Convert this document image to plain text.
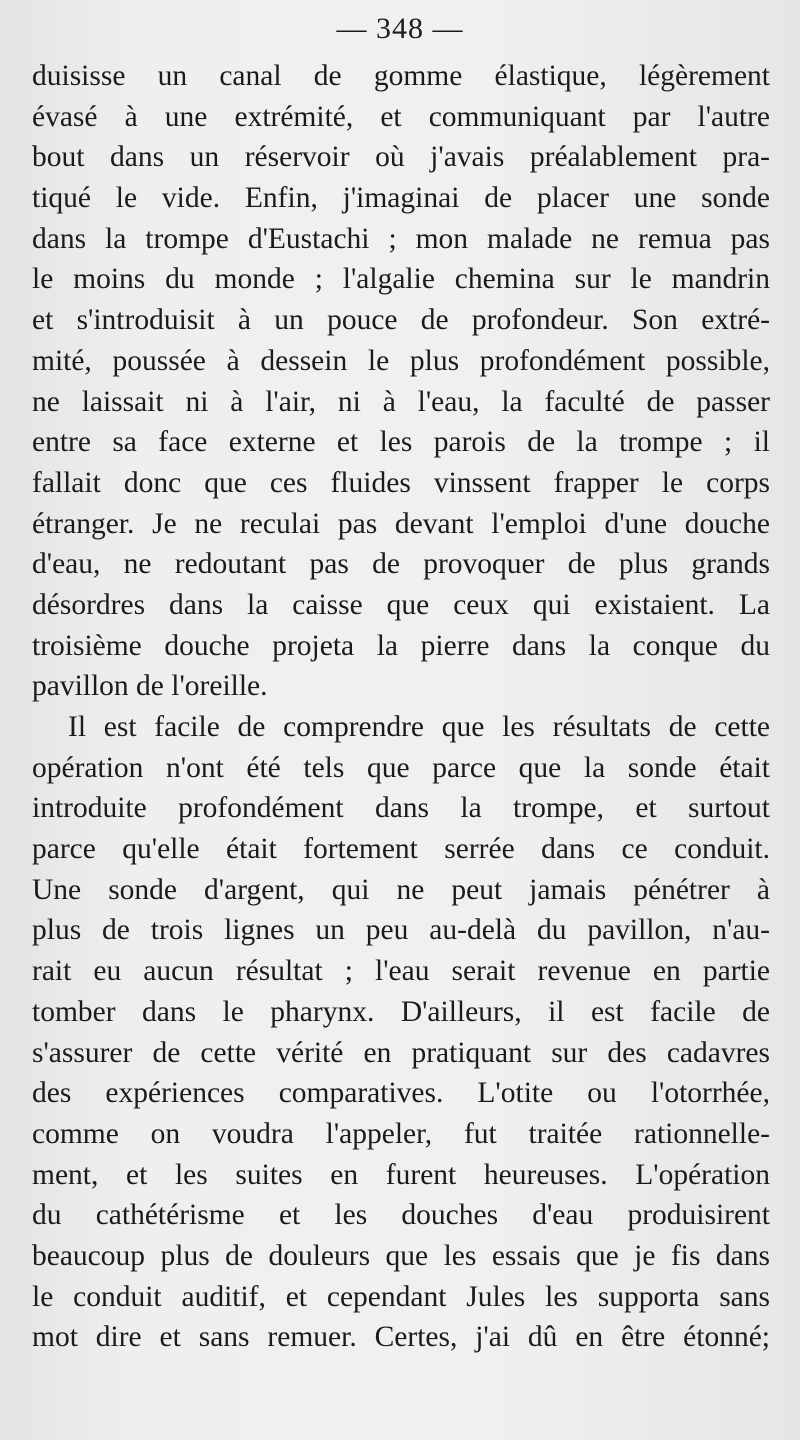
— 348 —
duisisse un canal de gomme élastique, légèrement
évasé à une extrémité, et communiquant par l'autre
bout dans un réservoir où j'avais préalablement pra-
tiqué le vide. Enfin, j'imaginai de placer une sonde
dans la trompe d'Eustachi ; mon malade ne remua pas
le moins du monde ; l'algalie chemina sur le mandrin
et s'introduisit à un pouce de profondeur. Son extré-
mité, poussée à dessein le plus profondément possible,
ne laissait ni à l'air, ni à l'eau, la faculté de passer
entre sa face externe et les parois de la trompe ; il
fallait donc que ces fluides vinssent frapper le corps
étranger. Je ne reculai pas devant l'emploi d'une douche
d'eau, ne redoutant pas de provoquer de plus grands
désordres dans la caisse que ceux qui existaient. La
troisième douche projeta la pierre dans la conque du
pavillon de l'oreille.
Il est facile de comprendre que les résultats de cette
opération n'ont été tels que parce que la sonde était
introduite profondément dans la trompe, et surtout
parce qu'elle était fortement serrée dans ce conduit.
Une sonde d'argent, qui ne peut jamais pénétrer à
plus de trois lignes un peu au-delà du pavillon, n'au-
rait eu aucun résultat ; l'eau serait revenue en partie
tomber dans le pharynx. D'ailleurs, il est facile de
s'assurer de cette vérité en pratiquant sur des cadavres
des expériences comparatives. L'otite ou l'otorrhée,
comme on voudra l'appeler, fut traitée rationnelle-
ment, et les suites en furent heureuses. L'opération
du cathétérisme et les douches d'eau produisirent
beaucoup plus de douleurs que les essais que je fis dans
le conduit auditif, et cependant Jules les supporta sans
mot dire et sans remuer. Certes, j'ai dû en être étonné;
